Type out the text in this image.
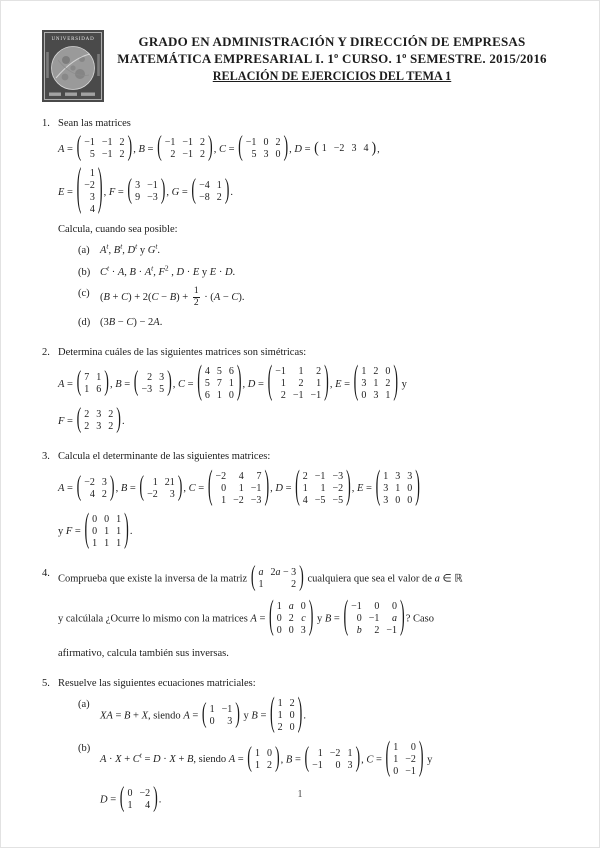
UNIVERSIDAD	GRADO EN ADMINISTRACIÓN Y DIRECCIÓN DE EMPRESAS
MATEMÁTICA EMPRESARIAL I. 1º CURSO. 1º SEMESTRE. 2015/2016
RELACIÓN DE EJERCICIOS DEL TEMA 1
1. Sean las matrices
A = ( −1 −1 2
5 −1 2 ) , B = ( −1 −1 2
2 −1 2 ) , C = ( −1 0 2
5 3 0 ) , D = ( 1 −2 3 4 ) ,
E = ( 1
−2
3
4 ) , F = ( 3 −1
9 −3 ) , G = ( −4 1
−8 2 ) .
Calcula, cuando sea posible:
(a) $A^t$, $B^t$, $D^t$ y $G^t$.
(b) $C^t \cdot A$, $B \cdot A^t$, $F^2$ , D · E y E · D.
(c) $(B + C) + 2(C - B) + \frac{1}{2} \cdot (A - C)$.
(d) (3B − C) − 2A.
2. Determina cuáles de las siguientes matrices son simétricas:
A = ( 7 1
1 6 ) , B = ( 2 3
−3 5 ) , C = ( 4 5 6
5 7 1
6 1 0 ) , D = ( −1	1	2
1	2	1
2 −1 −1 ) , E = ( 1 2 0
3 1 2
0 3 1 ) y
F = ( 2 3 2
2 3 2 ) .
3. Calcula el determinante de las siguientes matrices:
A = ( −2 3
4 2 ) , B = ( 1 21
−2	3 ) , C = ( −2	4	7
0	1 −1
1 −2 −3 ) , D = ( 2 −1 −3
1	1 −2
4 −5 −5 ) , E = ( 1 3 3
3 1 0
3 0 0 )
y F = ( 0 0 1
0 1 1
1 1 1 ) .
4. Comprueba que existe la inversa de la matriz ( a 2a − 3
1	2 ) cualquiera que sea el valor de a ∈ ℝ
y calcúlala ¿Ocurre lo mismo con la matrices A = ( 1 a 0
0 2 c
0 0 3 ) y B = ( −1	0	0
0 −1	a
b	2 −1 ) ? Caso
afirmativo, calcula también sus inversas.
5. Resuelve las siguientes ecuaciones matriciales:
(a)
XA = B + X, siendo A = ( 1 −1
0	3 ) y B = ( 1 2
1 0
2 0 ) .
(b)
$A \cdot X + C^t = D \cdot X + B$, siendo A = ( 1 0
1 2 ) , B = ( 1 −2 1
−1	0 3 ) , C = ( 1	0
1 −2
0 −1 ) y
D = ( 0 −2
1	4 ) .	1
